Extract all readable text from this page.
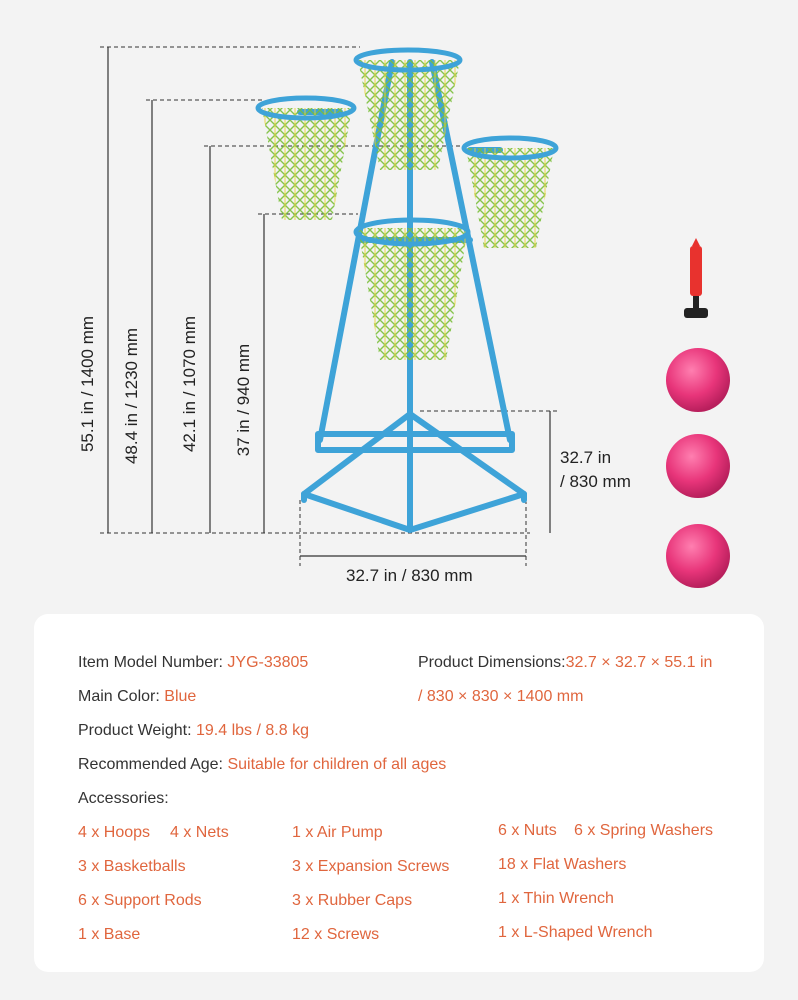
55.1 in / 1400 mm 48.4 in / 1230 mm 42.1 in / 1070 mm 37 in / 940 mm
32.7 in
/ 830 mm
32.7 in / 830 mm
Item Model Number: JYG-33805	Product Dimensions:32.7 × 32.7 × 55.1 in
/ 830 × 830 × 1400 mm
Main Color: Blue
Product Weight: 19.4 lbs / 8.8 kg
Recommended Age: Suitable for children of all ages
Accessories:
4 x Hoops 4 x Nets	1 x Air Pump	6 x Nuts 6 x Spring Washers
3 x Basketballs	3 x Expansion Screws	18 x Flat Washers
6 x Support Rods	3 x Rubber Caps	1 x Thin Wrench
1 x Base	12 x Screws	1 x L-Shaped Wrench
